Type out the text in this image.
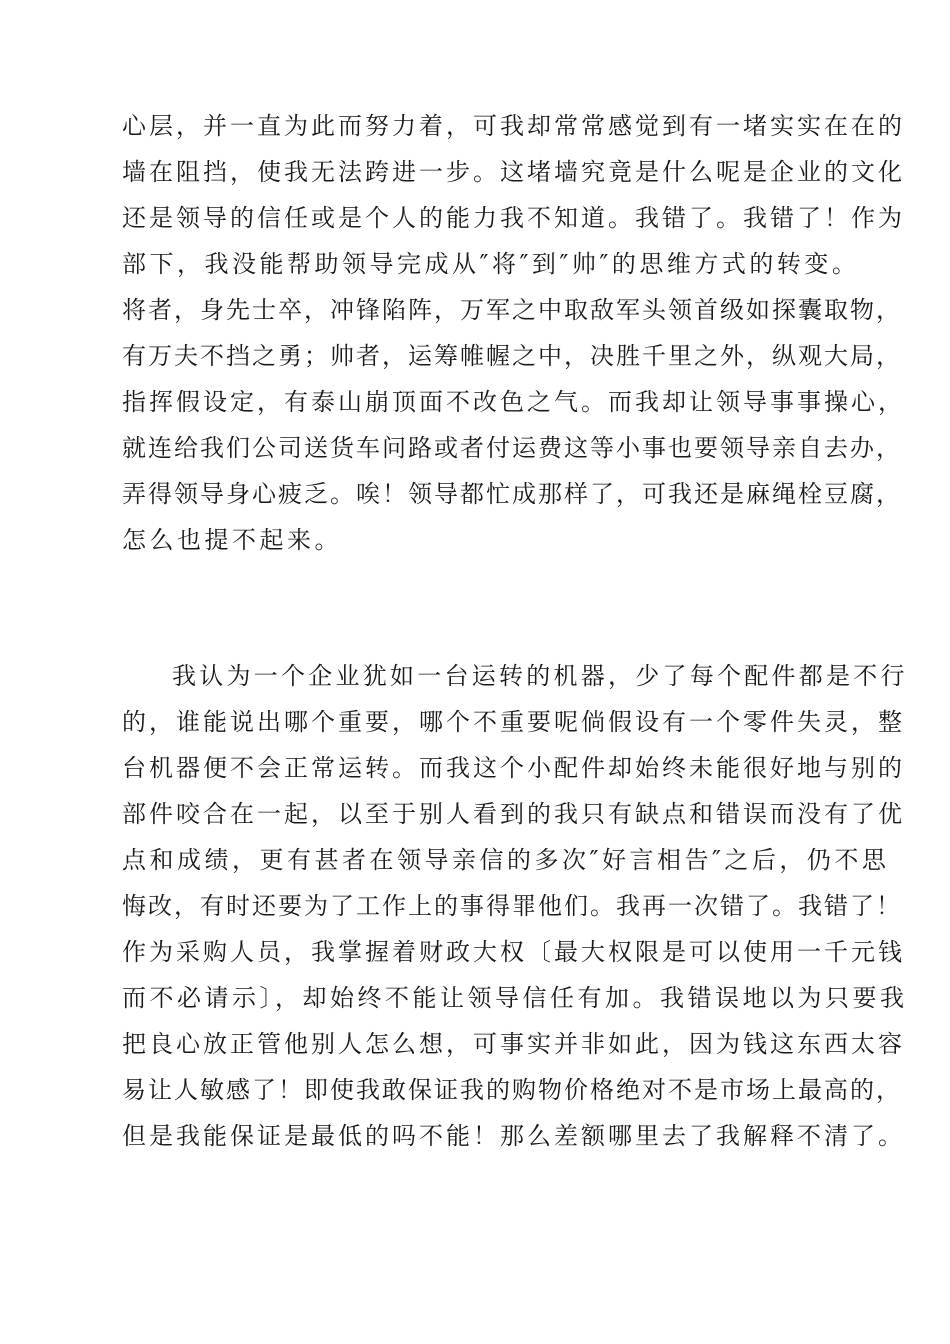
心层，并一直为此而努力着，可我却常常感觉到有一堵实实在在的
墙在阻挡，使我无法跨进一步。这堵墙究竟是什么呢是企业的文化
还是领导的信任或是个人的能力我不知道。我错了。我错了！作为
部下，我没能帮助领导完成从″将″到″帅″的思维方式的转变。
将者，身先士卒，冲锋陷阵，万军之中取敌军头领首级如探囊取物，
有万夫不挡之勇；帅者，运筹帷幄之中，决胜千里之外，纵观大局，
指挥假设定，有泰山崩顶面不改色之气。而我却让领导事事操心，
就连给我们公司送货车问路或者付运费这等小事也要领导亲自去办，
弄得领导身心疲乏。唉！领导都忙成那样了，可我还是麻绳栓豆腐，
怎么也提不起来。
我认为一个企业犹如一台运转的机器，少了每个配件都是不行
的，谁能说出哪个重要，哪个不重要呢倘假设有一个零件失灵，整
台机器便不会正常运转。而我这个小配件却始终未能很好地与别的
部件咬合在一起，以至于别人看到的我只有缺点和错误而没有了优
点和成绩，更有甚者在领导亲信的多次″好言相告″之后，仍不思
悔改，有时还要为了工作上的事得罪他们。我再一次错了。我错了！
作为采购人员，我掌握着财政大权〔最大权限是可以使用一千元钱
而不必请示〕，却始终不能让领导信任有加。我错误地以为只要我
把良心放正管他别人怎么想，可事实并非如此，因为钱这东西太容
易让人敏感了！即使我敢保证我的购物价格绝对不是市场上最高的，
但是我能保证是最低的吗不能！那么差额哪里去了我解释不清了。
